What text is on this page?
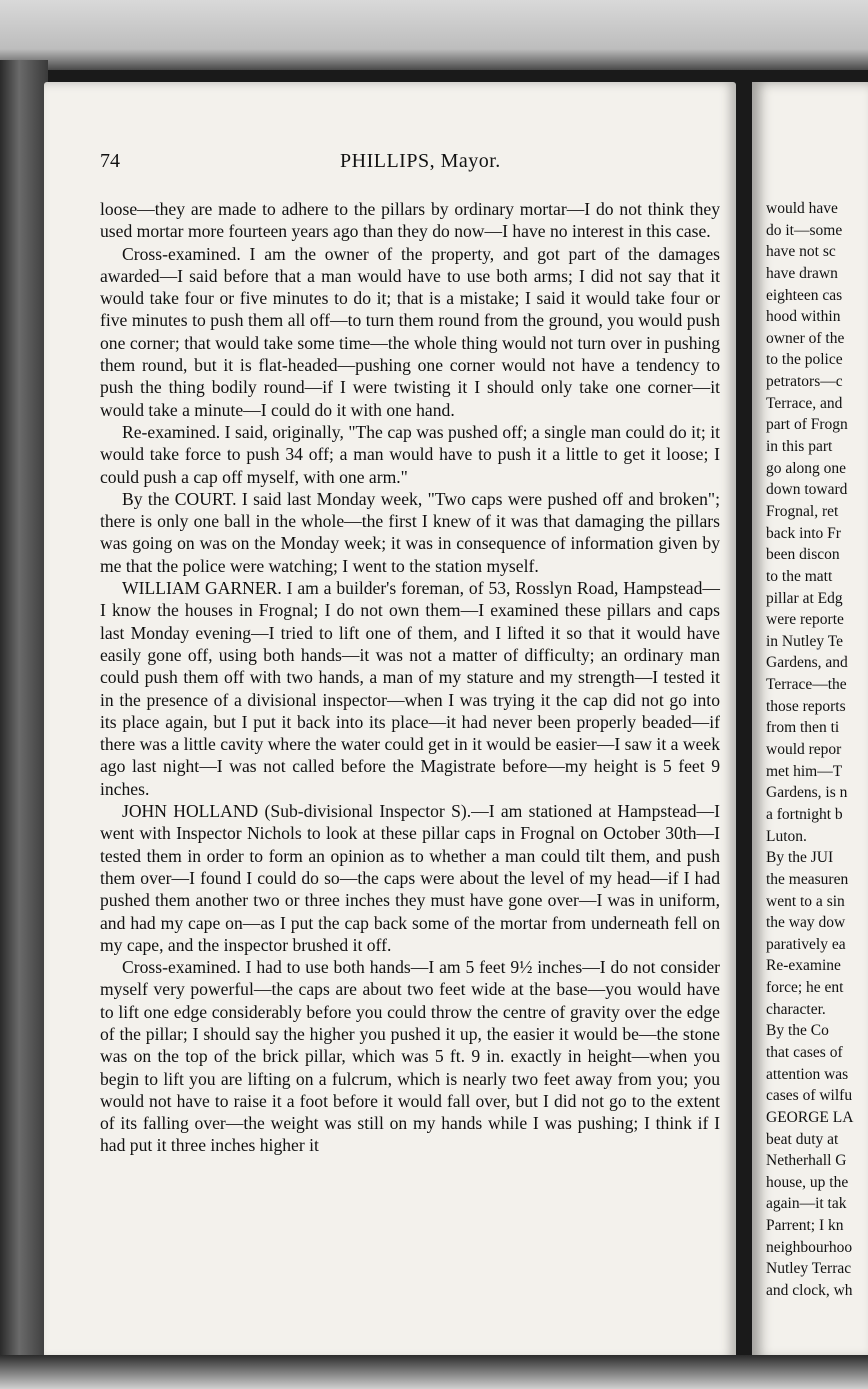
74	PHILLIPS, Mayor.

loose—they are made to adhere to the pillars by ordinary mortar—I do not think they used mortar more fourteen years ago than they do now—I have no interest in this case.

Cross-examined. I am the owner of the property, and got part of the damages awarded—I said before that a man would have to use both arms; I did not say that it would take four or five minutes to do it; that is a mistake; I said it would take four or five minutes to push them all off—to turn them round from the ground, you would push one corner; that would take some time—the whole thing would not turn over in pushing them round, but it is flat-headed—pushing one corner would not have a tendency to push the thing bodily round—if I were twisting it I should only take one corner—it would take a minute—I could do it with one hand.

Re-examined. I said, originally, "The cap was pushed off; a single man could do it; it would take force to push 34 off; a man would have to push it a little to get it loose; I could push a cap off myself, with one arm."

By the COURT. I said last Monday week, "Two caps were pushed off and broken"; there is only one ball in the whole—the first I knew of it was that damaging the pillars was going on was on the Monday week; it was in consequence of information given by me that the police were watching; I went to the station myself.

WILLIAM GARNER. I am a builder's foreman, of 53, Rosslyn Road, Hampstead—I know the houses in Frognal; I do not own them—I examined these pillars and caps last Monday evening—I tried to lift one of them, and I lifted it so that it would have easily gone off, using both hands—it was not a matter of difficulty; an ordinary man could push them off with two hands, a man of my stature and my strength—I tested it in the presence of a divisional inspector—when I was trying it the cap did not go into its place again, but I put it back into its place—it had never been properly beaded—if there was a little cavity where the water could get in it would be easier—I saw it a week ago last night—I was not called before the Magistrate before—my height is 5 feet 9 inches.

JOHN HOLLAND (Sub-divisional Inspector S).—I am stationed at Hampstead—I went with Inspector Nichols to look at these pillar caps in Frognal on October 30th—I tested them in order to form an opinion as to whether a man could tilt them, and push them over—I found I could do so—the caps were about the level of my head—if I had pushed them another two or three inches they must have gone over—I was in uniform, and had my cape on—as I put the cap back some of the mortar from underneath fell on my cape, and the inspector brushed it off.

Cross-examined. I had to use both hands—I am 5 feet 9½ inches—I do not consider myself very powerful—the caps are about two feet wide at the base—you would have to lift one edge considerably before you could throw the centre of gravity over the edge of the pillar; I should say the higher you pushed it up, the easier it would be—the stone was on the top of the brick pillar, which was 5 ft. 9 in. exactly in height—when you begin to lift you are lifting on a fulcrum, which is nearly two feet away from you; you would not have to raise it a foot before it would fall over, but I did not go to the extent of its falling over—the weight was still on my hands while I was pushing; I think if I had put it three inches higher it

would have
do it—some
have not sc
have drawn
eighteen cas
hood within
owner of the
to the police
petrators—c
Terrace, and
part of Frogn
in this part
go along one
down toward
Frognal, ret
back into Fr
been discon
to the matt
pillar at Edg
were reporte
in Nutley Te
Gardens, and
Terrace—the
those reports
from then ti
would repor
met him—T
Gardens, is n
a fortnight b
Luton.
By the JUI
the measuren
went to a sin
the way dow
paratively ea
Re-examine
force; he ent
character.
By the Co
that cases of
attention was
cases of wilfu
GEORGE LA
beat duty at
Netherhall G
house, up the
again—it tak
Parrent; I kn
neighbourhoo
Nutley Terrac
and clock, wh
